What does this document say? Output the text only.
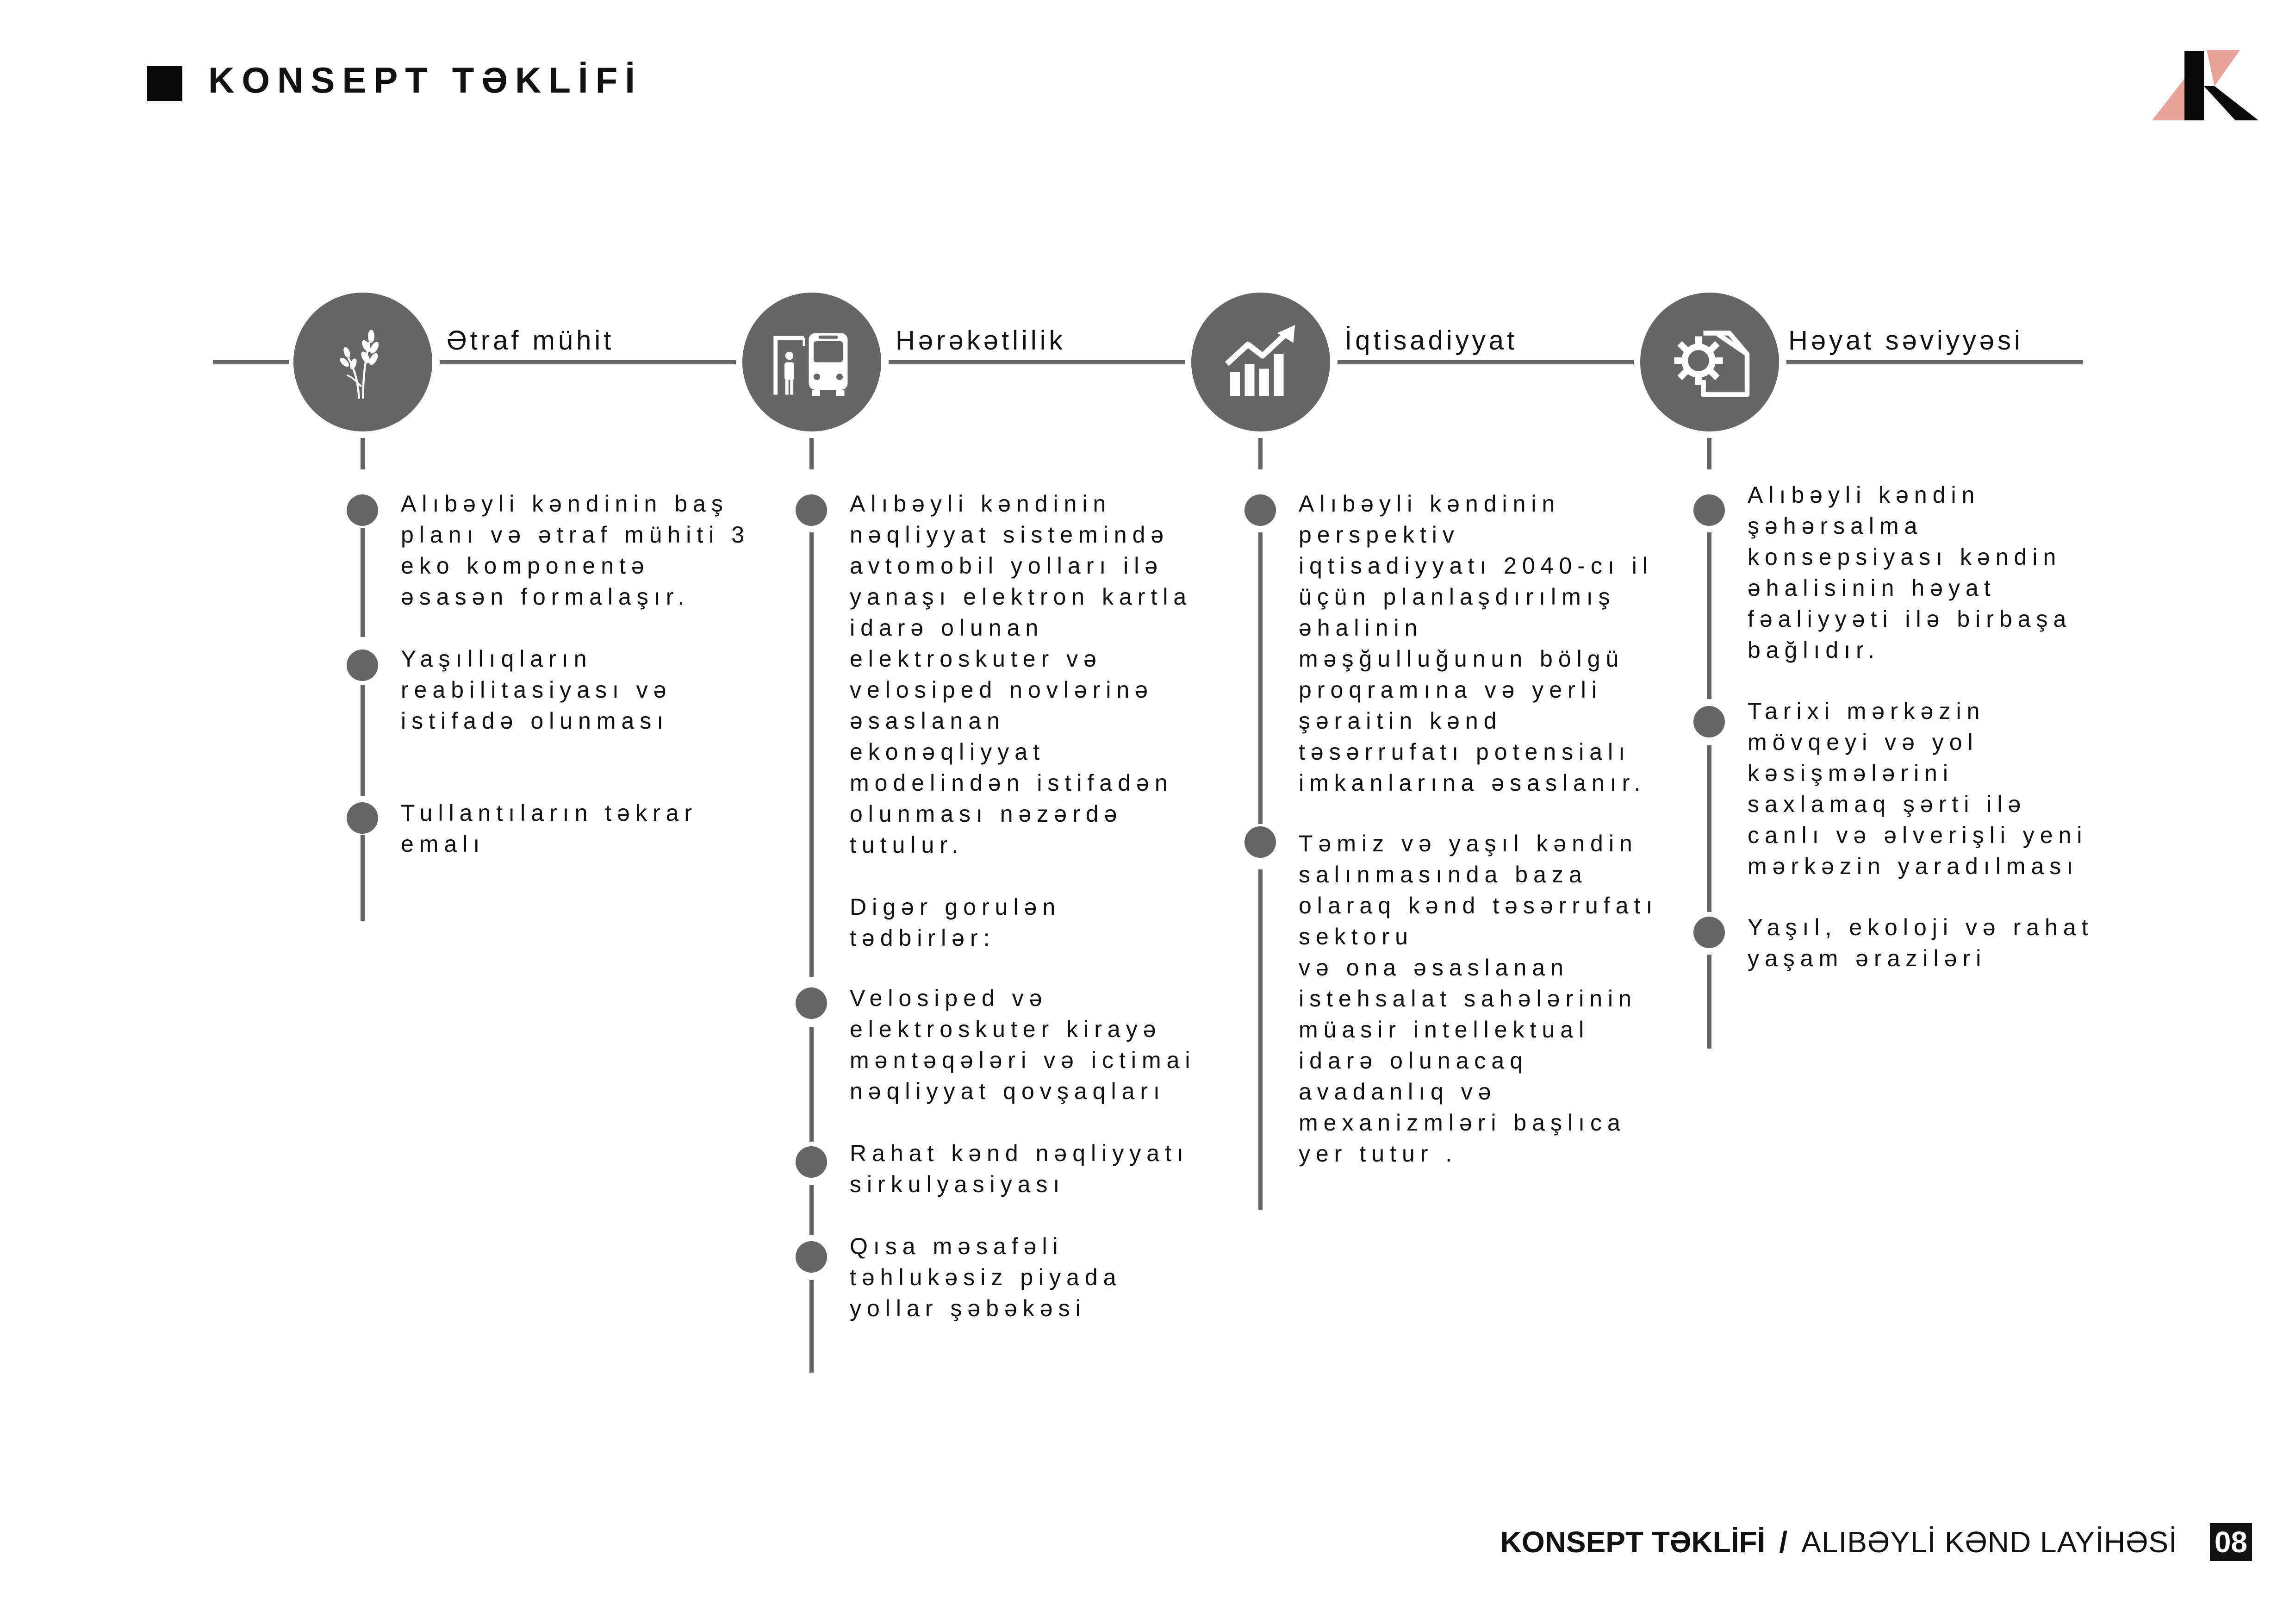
KONSEPT TƏKLİFİ
Ətraf mühit	Hərəkətlilik	İqtisadiyyat	Həyat səviyyəsi
Alıbəyli kəndinin baş
planı və ətraf mühiti 3
eko komponentə
əsasən formalaşır.
Yaşıllıqların
reabilitasiyası və
istifadə olunması
Tullantıların təkrar
emalı
Alıbəyli kəndinin
nəqliyyat sistemində
avtomobil yolları ilə
yanaşı elektron kartla
idarə olunan
elektroskuter və
velosiped novlərinə
əsaslanan
ekonəqliyyat
modelindən istifadən
olunması nəzərdə
tutulur.

Digər gorulən
tədbirlər:
Velosiped və
elektroskuter kirayə
məntəqələri və ictimai
nəqliyyat qovşaqları
Rahat kənd nəqliyyatı
sirkulyasiyası
Qısa məsafəli
təhlukəsiz piyada
yollar şəbəkəsi
Alıbəyli kəndinin
perspektiv
iqtisadiyyatı 2040-cı il
üçün planlaşdırılmış
əhalinin
məşğulluğunun bölgü
proqramına və yerli
şəraitin kənd
təsərrufatı potensialı
imkanlarına əsaslanır.
Təmiz və yaşıl kəndin
salınmasında baza
olaraq kənd təsərrufatı
sektoru
və ona əsaslanan
istehsalat sahələrinin
müasir intellektual
idarə olunacaq
avadanlıq və
mexanizmləri başlıca
yer tutur .
Alıbəyli kəndin
şəhərsalma
konsepsiyası kəndin
əhalisinin həyat
fəaliyyəti ilə birbaşa
bağlıdır.
Tarixi mərkəzin
mövqeyi və yol
kəsişmələrini
saxlamaq şərti ilə
canlı və əlverişli yeni
mərkəzin yaradılması
Yaşıl, ekoloji və rahat
yaşam əraziləri
KONSEPT TƏKLİFİ / ALIBƏYLİ KƏND LAYİHƏSİ 08
